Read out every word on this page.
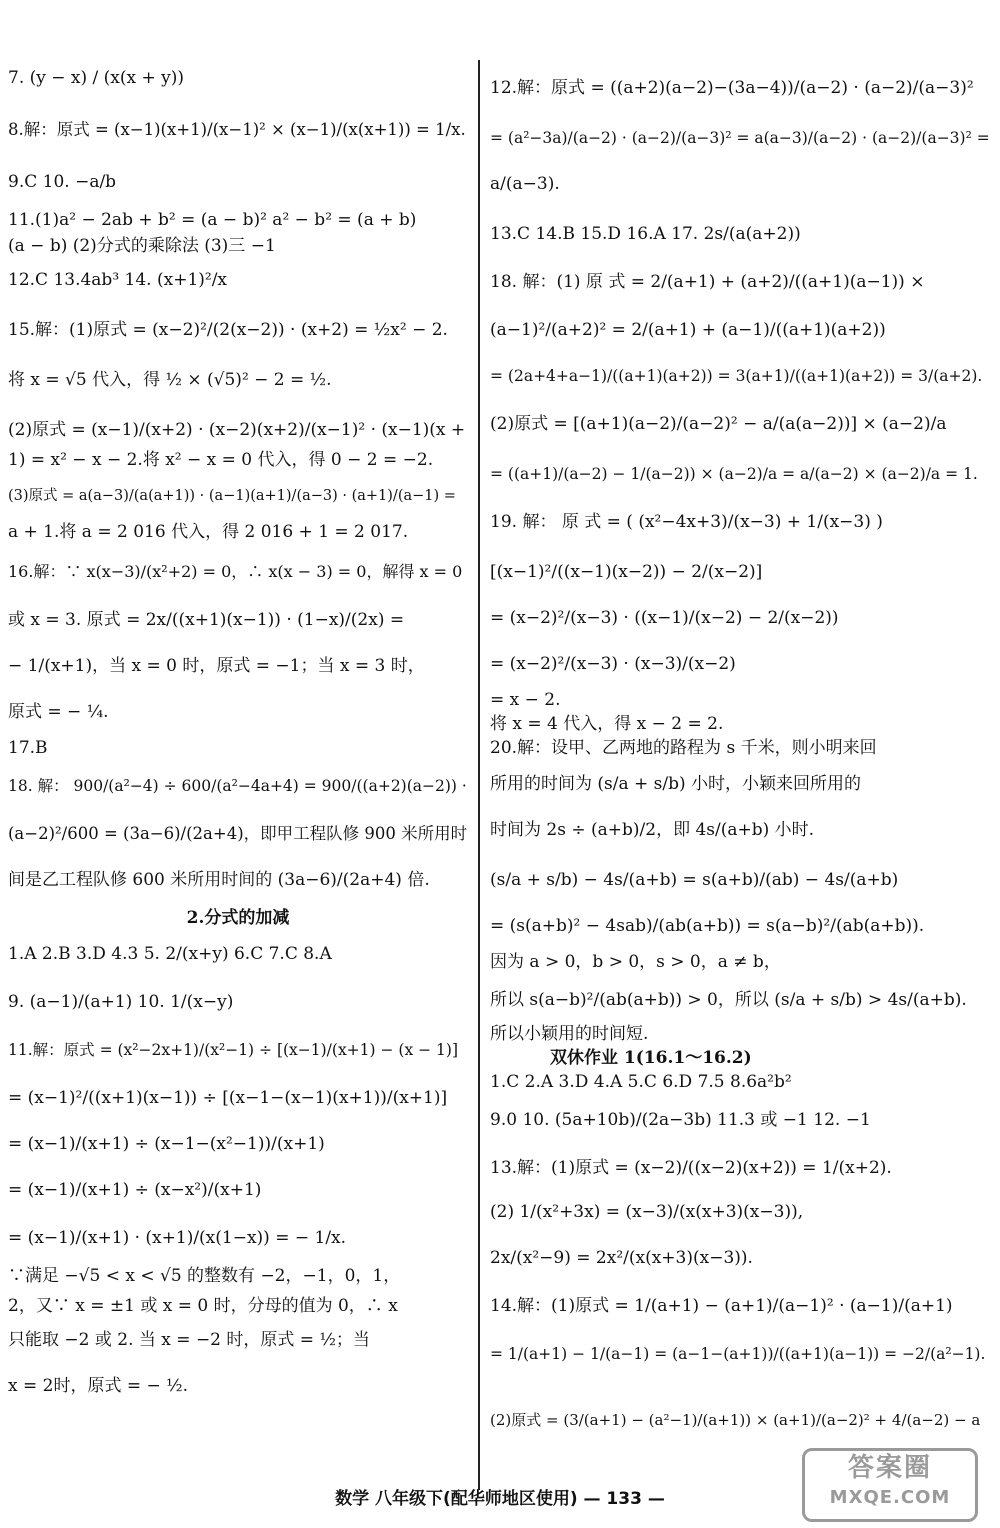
7. (y − x) / (x(x + y))
8.解：原式 = (x−1)(x+1)/(x−1)² × (x−1)/(x(x+1)) = 1/x.
9.C 10. −a/b
11.(1)a² − 2ab + b² = (a − b)² a² − b² = (a + b)
(a − b) (2)分式的乘除法 (3)三 −1
12.C 13.4ab³ 14. (x+1)²/x
15.解：(1)原式 = (x−2)²/(2(x−2)) · (x+2) = ½x² − 2.
将 x = √5 代入，得 ½ × (√5)² − 2 = ½.
(2)原式 = (x−1)/(x+2) · (x−2)(x+2)/(x−1)² · (x−1)(x +
1) = x² − x − 2.将 x² − x = 0 代入，得 0 − 2 = −2.
(3)原式 = a(a−3)/(a(a+1)) · (a−1)(a+1)/(a−3) · (a+1)/(a−1) =
a + 1.将 a = 2 016 代入，得 2 016 + 1 = 2 017.
16.解：∵ x(x−3)/(x²+2) = 0，∴ x(x − 3) = 0，解得 x = 0
或 x = 3. 原式 = 2x/((x+1)(x−1)) · (1−x)/(2x) =
− 1/(x+1)，当 x = 0 时，原式 = −1；当 x = 3 时，
原式 = − ¼.
17.B
18. 解： 900/(a²−4) ÷ 600/(a²−4a+4) = 900/((a+2)(a−2)) ·
(a−2)²/600 = (3a−6)/(2a+4)，即甲工程队修 900 米所用时
间是乙工程队修 600 米所用时间的 (3a−6)/(2a+4) 倍.
2.分式的加减
1.A 2.B 3.D 4.3 5. 2/(x+y) 6.C 7.C 8.A
9. (a−1)/(a+1) 10. 1/(x−y)
11.解：原式 = (x²−2x+1)/(x²−1) ÷ [(x−1)/(x+1) − (x − 1)]
= (x−1)²/((x+1)(x−1)) ÷ [(x−1−(x−1)(x+1))/(x+1)]
= (x−1)/(x+1) ÷ (x−1−(x²−1))/(x+1)
= (x−1)/(x+1) ÷ (x−x²)/(x+1)
= (x−1)/(x+1) · (x+1)/(x(1−x)) = − 1/x.
∵满足 −√5 < x < √5 的整数有 −2，−1，0，1，
2，又∵ x = ±1 或 x = 0 时，分母的值为 0，∴ x
只能取 −2 或 2. 当 x = −2 时，原式 = ½；当
x = 2时，原式 = − ½.
12.解：原式 = ((a+2)(a−2)−(3a−4))/(a−2) · (a−2)/(a−3)²
= (a²−3a)/(a−2) · (a−2)/(a−3)² = a(a−3)/(a−2) · (a−2)/(a−3)² =
a/(a−3).
13.C 14.B 15.D 16.A 17. 2s/(a(a+2))
18. 解：(1) 原 式 = 2/(a+1) + (a+2)/((a+1)(a−1)) ×
(a−1)²/(a+2)² = 2/(a+1) + (a−1)/((a+1)(a+2))
= (2a+4+a−1)/((a+1)(a+2)) = 3(a+1)/((a+1)(a+2)) = 3/(a+2).
(2)原式 = [(a+1)(a−2)/(a−2)² − a/(a(a−2))] × (a−2)/a
= ((a+1)/(a−2) − 1/(a−2)) × (a−2)/a = a/(a−2) × (a−2)/a = 1.
19. 解： 原 式 = ( (x²−4x+3)/(x−3) + 1/(x−3) )
[(x−1)²/((x−1)(x−2)) − 2/(x−2)]
= (x−2)²/(x−3) · ((x−1)/(x−2) − 2/(x−2))
= (x−2)²/(x−3) · (x−3)/(x−2)
= x − 2.
将 x = 4 代入，得 x − 2 = 2.
20.解：设甲、乙两地的路程为 s 千米，则小明来回
所用的时间为 (s/a + s/b) 小时，小颖来回所用的
时间为 2s ÷ (a+b)/2，即 4s/(a+b) 小时.
(s/a + s/b) − 4s/(a+b) = s(a+b)/(ab) − 4s/(a+b)
= (s(a+b)² − 4sab)/(ab(a+b)) = s(a−b)²/(ab(a+b)).
因为 a > 0，b > 0，s > 0，a ≠ b，
所以 s(a−b)²/(ab(a+b)) > 0，所以 (s/a + s/b) > 4s/(a+b).
所以小颖用的时间短.
双休作业 1(16.1～16.2)
1.C 2.A 3.D 4.A 5.C 6.D 7.5 8.6a²b²
9.0 10. (5a+10b)/(2a−3b) 11.3 或 −1 12. −1
13.解：(1)原式 = (x−2)/((x−2)(x+2)) = 1/(x+2).
(2) 1/(x²+3x) = (x−3)/(x(x+3)(x−3)),
2x/(x²−9) = 2x²/(x(x+3)(x−3)).
14.解：(1)原式 = 1/(a+1) − (a+1)/(a−1)² · (a−1)/(a+1)
= 1/(a+1) − 1/(a−1) = (a−1−(a+1))/((a+1)(a−1)) = −2/(a²−1).
(2)原式 = (3/(a+1) − (a²−1)/(a+1)) × (a+1)/(a−2)² + 4/(a−2) − a
数学 八年级下(配华师地区使用) — 133 —
答案圈
MXQE.COM
